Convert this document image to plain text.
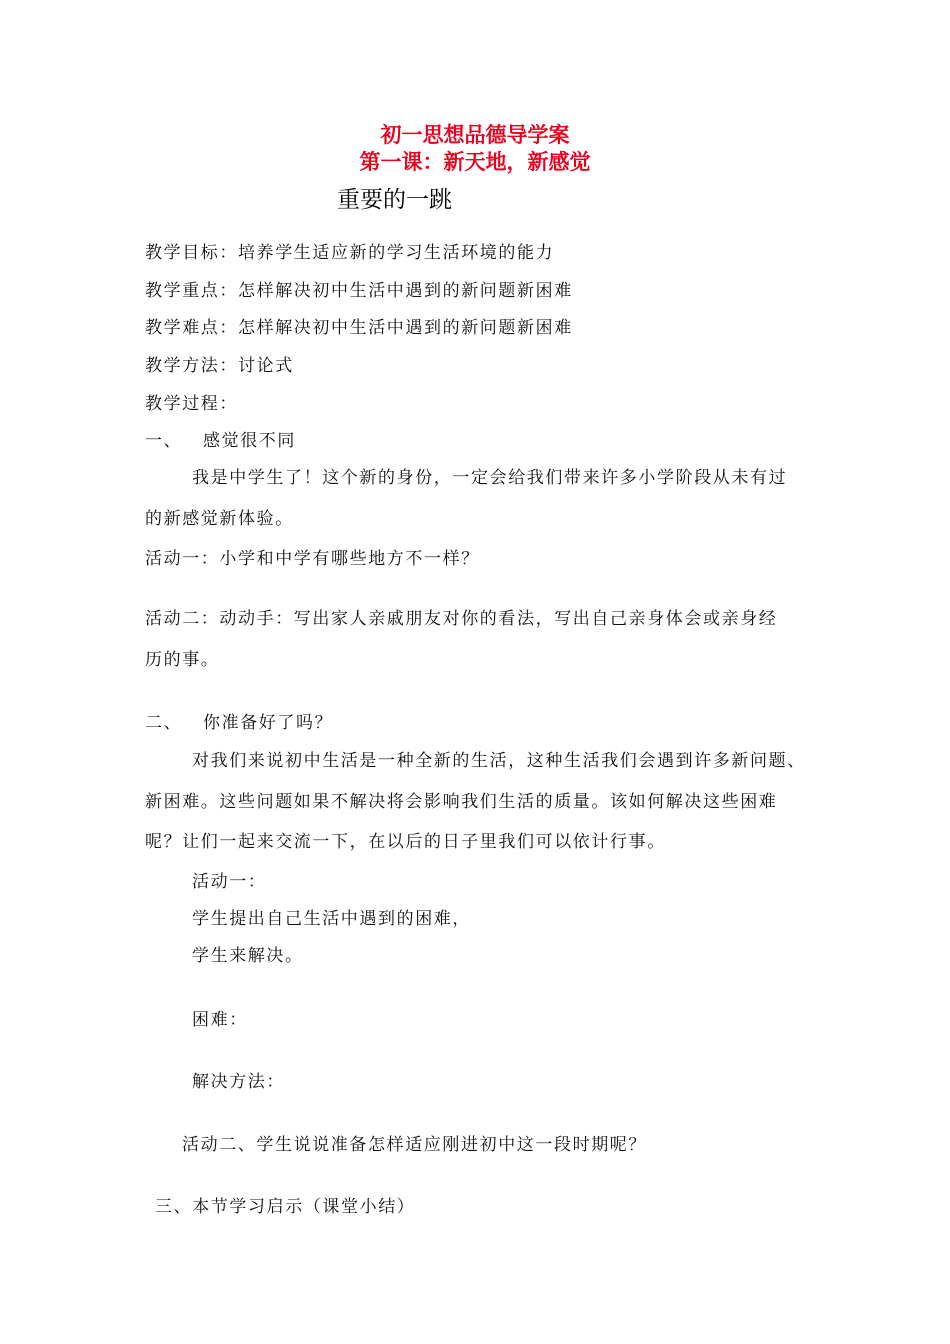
初一思想品德导学案
第一课：新天地，新感觉
重要的一跳
教学目标：培养学生适应新的学习生活环境的能力
教学重点：怎样解决初中生活中遇到的新问题新困难
教学难点：怎样解决初中生活中遇到的新问题新困难
教学方法：讨论式
教学过程：
一、 感觉很不同
我是中学生了！这个新的身份，一定会给我们带来许多小学阶段从未有过
的新感觉新体验。
活动一：小学和中学有哪些地方不一样？
活动二：动动手：写出家人亲戚朋友对你的看法，写出自己亲身体会或亲身经
历的事。
二、 你准备好了吗？
对我们来说初中生活是一种全新的生活，这种生活我们会遇到许多新问题、
新困难。这些问题如果不解决将会影响我们生活的质量。该如何解决这些困难
呢？让们一起来交流一下，在以后的日子里我们可以依计行事。
活动一：
学生提出自己生活中遇到的困难，
学生来解决。
困难：
解决方法：
活动二、学生说说准备怎样适应刚进初中这一段时期呢？
三、本节学习启示（课堂小结）
